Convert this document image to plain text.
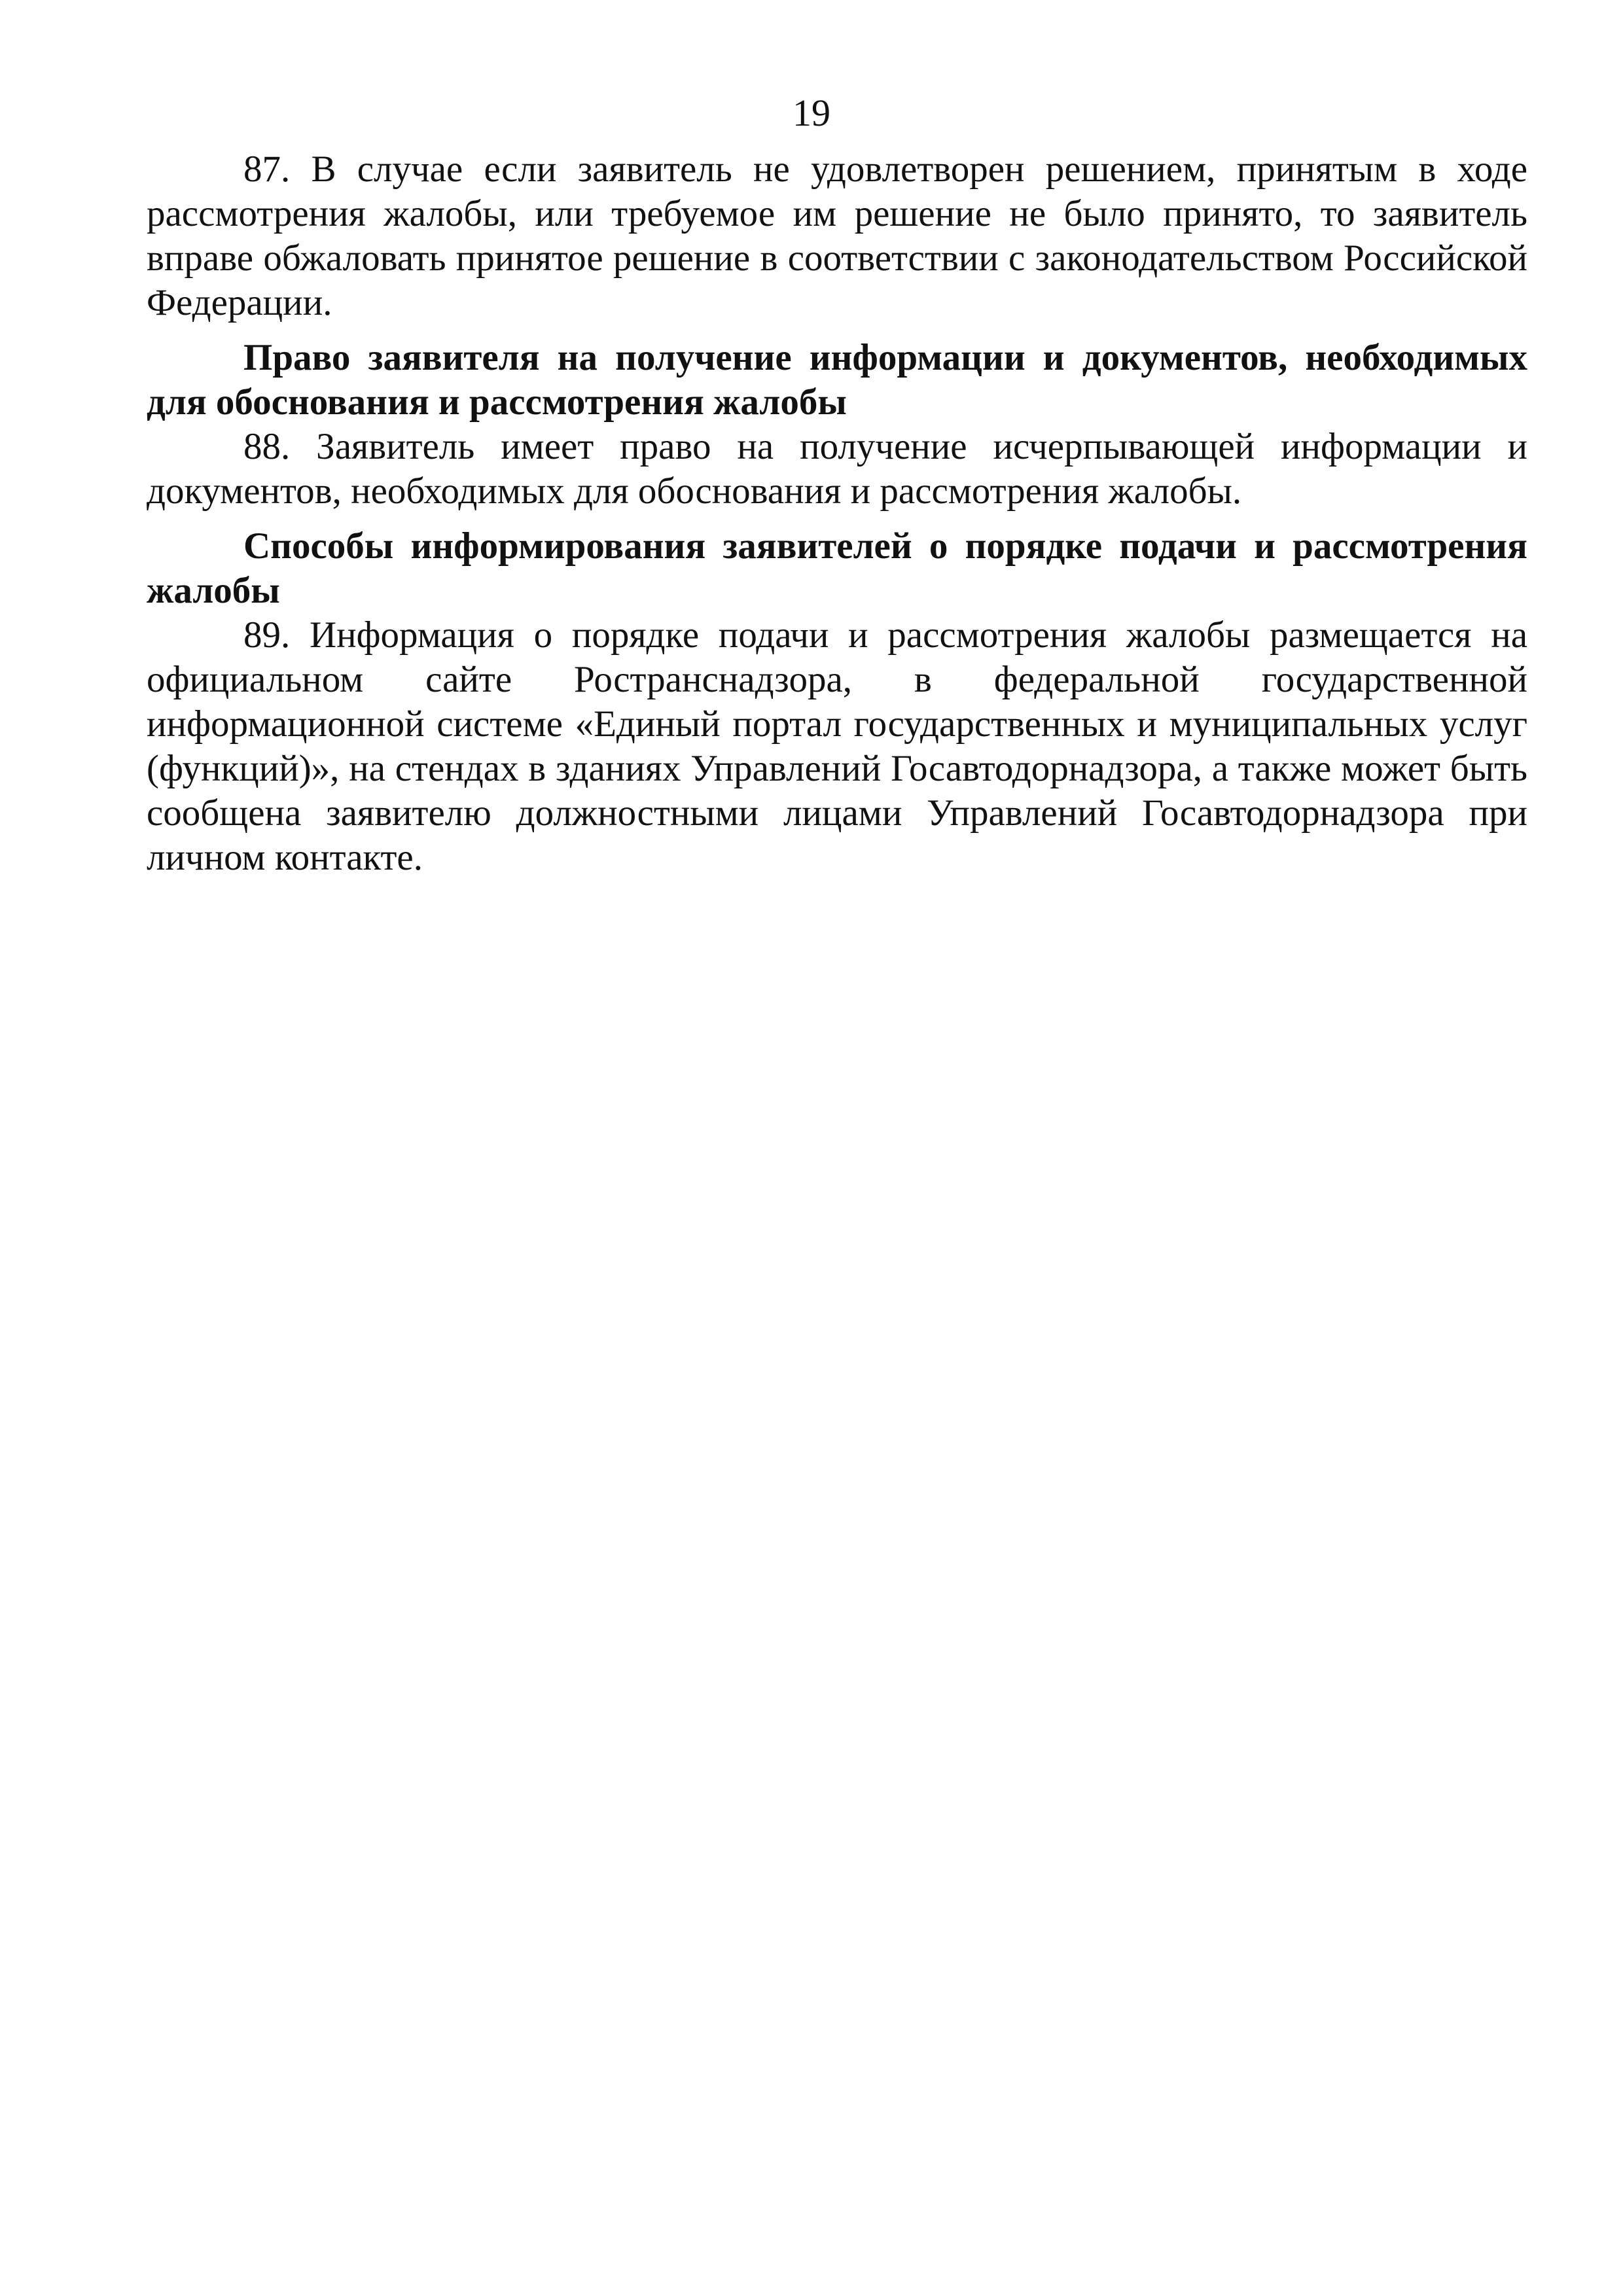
19

87. В случае если заявитель не удовлетворен решением, принятым в ходе рассмотрения жалобы, или требуемое им решение не было принято, то заявитель вправе обжаловать принятое решение в соответствии с законодательством Российской Федерации.

Право заявителя на получение информации и документов, необходимых для обоснования и рассмотрения жалобы

88. Заявитель имеет право на получение исчерпывающей информации и документов, необходимых для обоснования и рассмотрения жалобы.

Способы информирования заявителей о порядке подачи и рассмотрения жалобы

89. Информация о порядке подачи и рассмотрения жалобы размещается на официальном сайте Ространснадзора, в федеральной государственной информационной системе «Единый портал государственных и муниципальных услуг (функций)», на стендах в зданиях Управлений Госавтодорнадзора, а также может быть сообщена заявителю должностными лицами Управлений Госавтодорнадзора при личном контакте.
